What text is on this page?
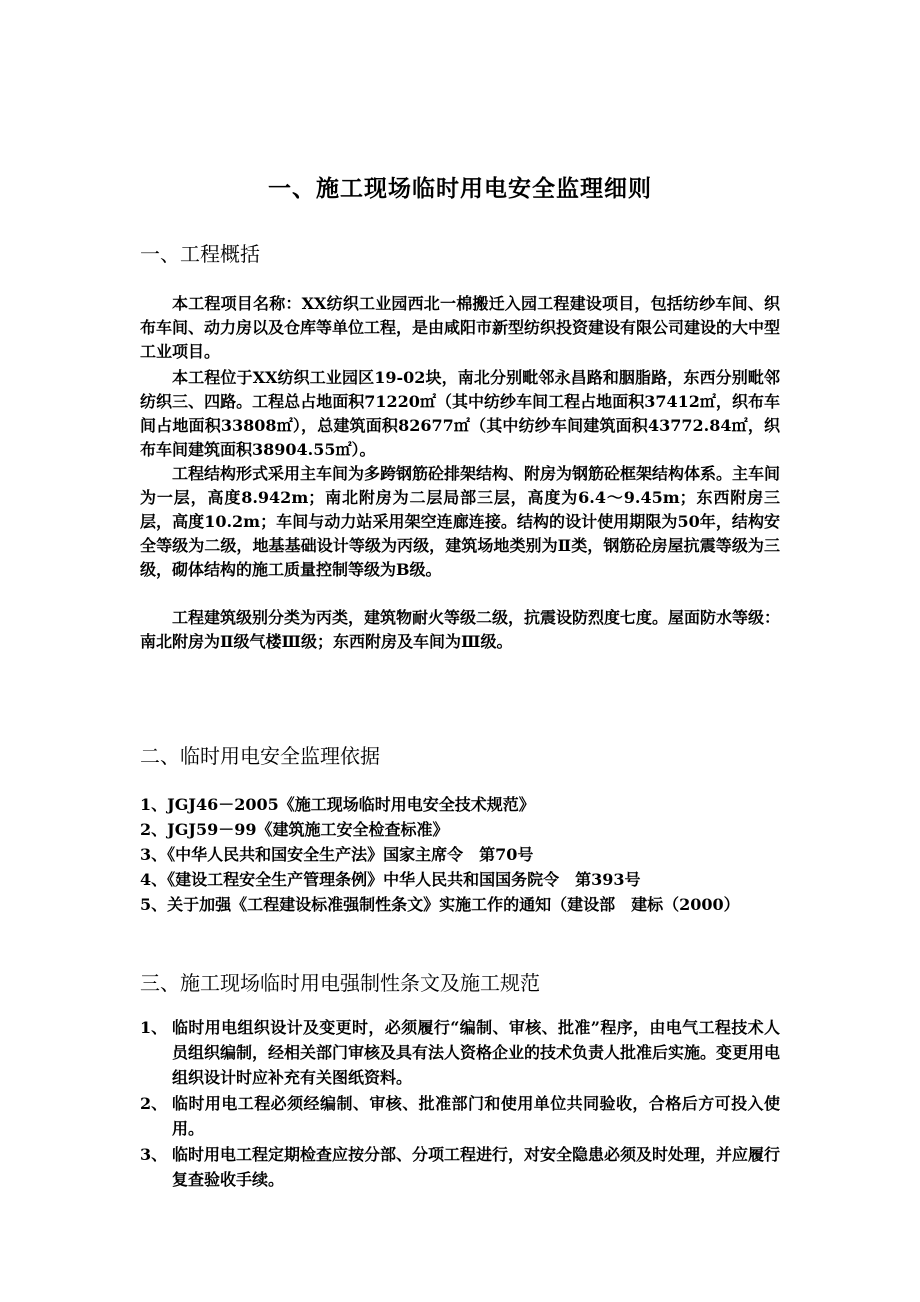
一、施工现场临时用电安全监理细则
一、工程概括

本工程项目名称：XX纺织工业园西北一棉搬迁入园工程建设项目，包括纺纱车间、织布车间、动力房以及仓库等单位工程，是由咸阳市新型纺织投资建设有限公司建设的大中型工业项目。

本工程位于XX纺织工业园区19-02块，南北分别毗邻永昌路和胭脂路，东西分别毗邻纺织三、四路。工程总占地面积71220㎡（其中纺纱车间工程占地面积37412㎡，织布车间占地面积33808㎡），总建筑面积82677㎡（其中纺纱车间建筑面积43772.84㎡，织布车间建筑面积38904.55㎡）。

工程结构形式采用主车间为多跨钢筋砼排架结构、附房为钢筋砼框架结构体系。主车间为一层，高度8.942m；南北附房为二层局部三层，高度为6.4～9.45m；东西附房三层，高度10.2m；车间与动力站采用架空连廊连接。结构的设计使用期限为50年，结构安全等级为二级，地基基础设计等级为丙级，建筑场地类别为Ⅱ类，钢筋砼房屋抗震等级为三级，砌体结构的施工质量控制等级为B级。

工程建筑级别分类为丙类，建筑物耐火等级二级，抗震设防烈度七度。屋面防水等级：南北附房为Ⅱ级气楼Ⅲ级；东西附房及车间为Ⅲ级。

二、临时用电安全监理依据
1、JGJ46－2005《施工现场临时用电安全技术规范》
2、JGJ59－99《建筑施工安全检查标准》
3、《中华人民共和国安全生产法》国家主席令　第70号
4、《建设工程安全生产管理条例》中华人民共和国国务院令　第393号
5、关于加强《工程建设标准强制性条文》实施工作的通知（建设部　建标（2000）
三、施工现场临时用电强制性条文及施工规范
1、 临时用电组织设计及变更时，必须履行“编制、审核、批准”程序，由电气工程技术人员组织编制，经相关部门审核及具有法人资格企业的技术负责人批准后实施。变更用电组织设计时应补充有关图纸资料。
2、 临时用电工程必须经编制、审核、批准部门和使用单位共同验收，合格后方可投入使用。
3、 临时用电工程定期检查应按分部、分项工程进行，对安全隐患必须及时处理，并应履行复查验收手续。
